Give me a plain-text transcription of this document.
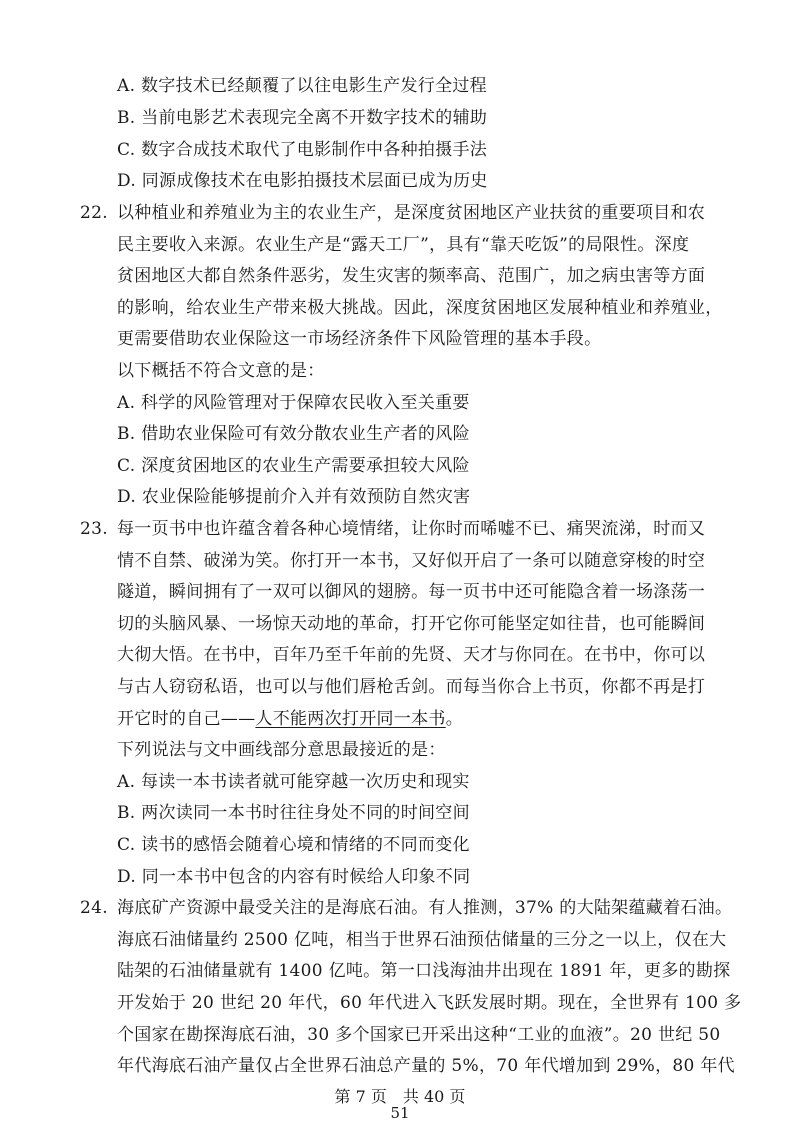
A. 数字技术已经颠覆了以往电影生产发行全过程
B. 当前电影艺术表现完全离不开数字技术的辅助
C. 数字合成技术取代了电影制作中各种拍摄手法
D. 同源成像技术在电影拍摄技术层面已成为历史
22. 以种植业和养殖业为主的农业生产，是深度贫困地区产业扶贫的重要项目和农
民主要收入来源。农业生产是“露天工厂”，具有“靠天吃饭”的局限性。深度
贫困地区大都自然条件恶劣，发生灾害的频率高、范围广，加之病虫害等方面
的影响，给农业生产带来极大挑战。因此，深度贫困地区发展种植业和养殖业，
更需要借助农业保险这一市场经济条件下风险管理的基本手段。
以下概括不符合文意的是：
A. 科学的风险管理对于保障农民收入至关重要
B. 借助农业保险可有效分散农业生产者的风险
C. 深度贫困地区的农业生产需要承担较大风险
D. 农业保险能够提前介入并有效预防自然灾害
23. 每一页书中也许蕴含着各种心境情绪，让你时而唏嘘不已、痛哭流涕，时而又
情不自禁、破涕为笑。你打开一本书，又好似开启了一条可以随意穿梭的时空
隧道，瞬间拥有了一双可以御风的翅膀。每一页书中还可能隐含着一场涤荡一
切的头脑风暴、一场惊天动地的革命，打开它你可能坚定如往昔，也可能瞬间
大彻大悟。在书中，百年乃至千年前的先贤、天才与你同在。在书中，你可以
与古人窃窃私语，也可以与他们唇枪舌剑。而每当你合上书页，你都不再是打
开它时的自己——人不能两次打开同一本书。
下列说法与文中画线部分意思最接近的是：
A. 每读一本书读者就可能穿越一次历史和现实
B. 两次读同一本书时往往身处不同的时间空间
C. 读书的感悟会随着心境和情绪的不同而变化
D. 同一本书中包含的内容有时候给人印象不同
24. 海底矿产资源中最受关注的是海底石油。有人推测，37% 的大陆架蕴藏着石油。
海底石油储量约 2500 亿吨，相当于世界石油预估储量的三分之一以上，仅在大
陆架的石油储量就有 1400 亿吨。第一口浅海油井出现在 1891 年，更多的勘探
开发始于 20 世纪 20 年代，60 年代进入飞跃发展时期。现在，全世界有 100 多
个国家在勘探海底石油，30 多个国家已开采出这种“工业的血液”。20 世纪 50
年代海底石油产量仅占全世界石油总产量的 5%，70 年代增加到 29%，80 年代
第 7 页　共 40 页
51
